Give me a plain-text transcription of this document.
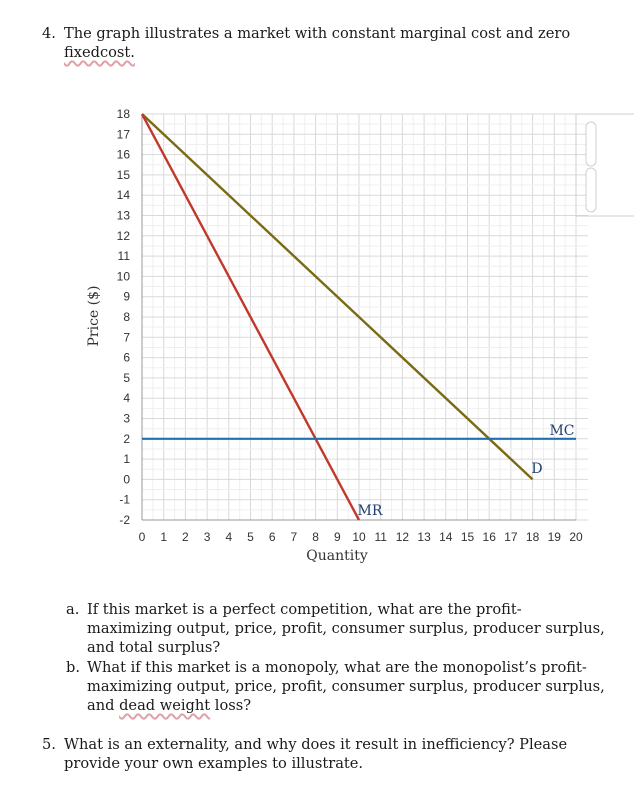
4. The graph illustrates a market with constant marginal cost and zero
fixedcost.
0 1 2 3 4 5 6 7 8 9 10 11 12 13 14 15 16 17 18 19 20
18
17
16
15
14
13
12
11
10
9
8
7
6
5
4
3
2
1
0
-1
-2
Price ($)
Quantity
MC
D
MR
a. If this market is a perfect competition, what are the profit-maximizing output, price, profit, consumer surplus, producer surplus, and total surplus?
b. What if this market is a monopoly, what are the monopolist’s profit-maximizing output, price, profit, consumer surplus, producer surplus, and dead weight loss?
5. What is an externality, and why does it result in inefficiency? Please
provide your own examples to illustrate.
